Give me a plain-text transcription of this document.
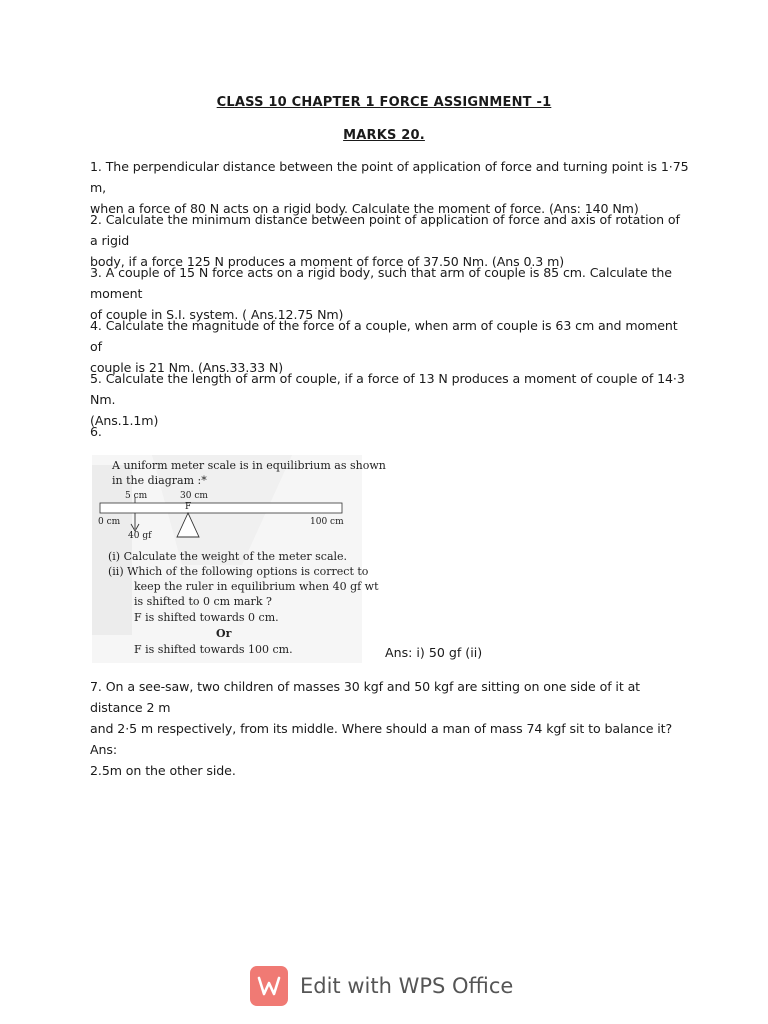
CLASS 10 CHAPTER 1 FORCE ASSIGNMENT -1
MARKS 20.
1. The perpendicular distance between the point of application of force and turning point is 1·75 m,
when a force of 80 N acts on a rigid body. Calculate the moment of force. (Ans: 140 Nm)
2. Calculate the minimum distance between point of application of force and axis of rotation of a rigid
body, if a force 125 N produces a moment of force of 37.50 Nm. (Ans 0.3 m)
3. A couple of 15 N force acts on a rigid body, such that arm of couple is 85 cm. Calculate the moment
of couple in S.I. system. ( Ans.12.75 Nm)
4. Calculate the magnitude of the force of a couple, when arm of couple is 63 cm and moment of
couple is 21 Nm. (Ans.33.33 N)
5. Calculate the length of arm of couple, if a force of 13 N produces a moment of couple of 14·3 Nm.
(Ans.1.1m)
6.
A uniform meter scale is in equilibrium as shown
in the diagram :*
5 cm	30 cm
F
0 cm	100 cm
40 gf
(i) Calculate the weight of the meter scale.
(ii) Which of the following options is correct to
keep the ruler in equilibrium when 40 gf wt
is shifted to 0 cm mark ?
F is shifted towards 0 cm.
Or
F is shifted towards 100 cm.	Ans: i) 50 gf (ii)
7. On a see-saw, two children of masses 30 kgf and 50 kgf are sitting on one side of it at distance 2 m
and 2·5 m respectively, from its middle. Where should a man of mass 74 kgf sit to balance it? Ans:
2.5m on the other side.
Edit with WPS Office
